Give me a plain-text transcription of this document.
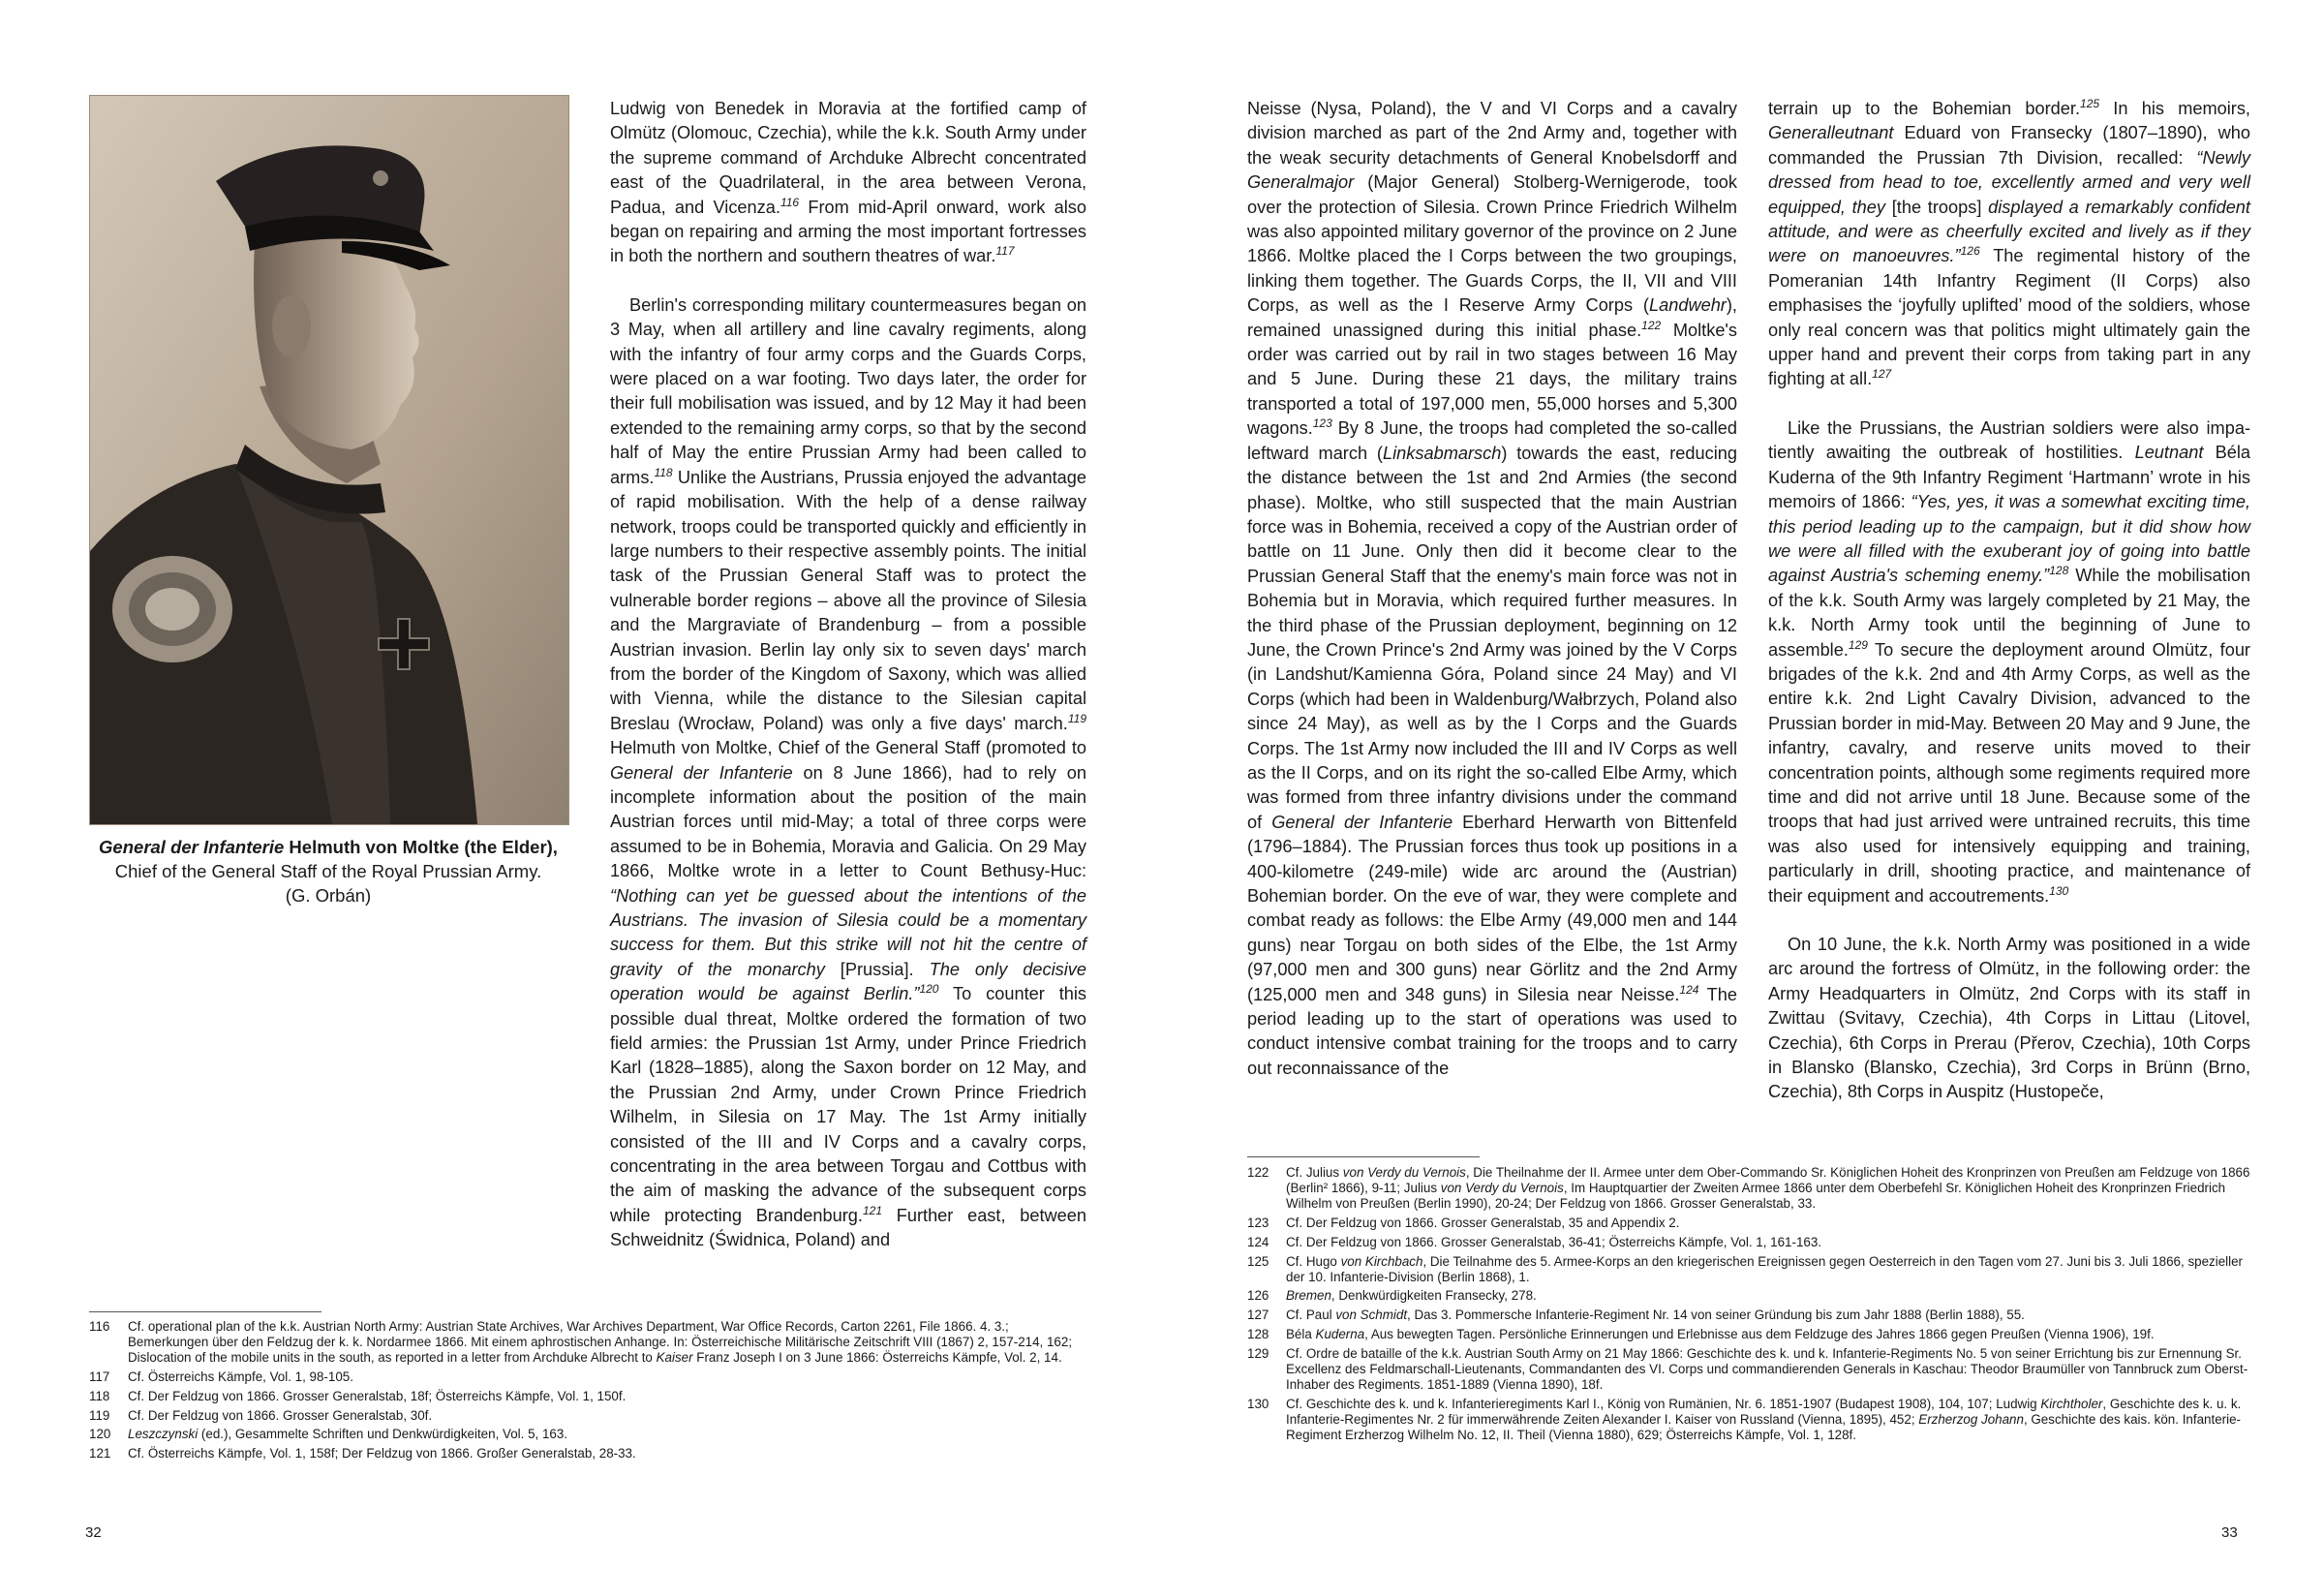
General der Infanterie Helmuth von Moltke (the Elder),
Chief of the General Staff of the Royal Prussian Army.
(G. Orbán)

Ludwig von Benedek in Moravia at the fortified camp of Olmütz (Olomouc, Czechia), while the k.k. South Army under the supreme command of Archduke Albrecht concentrated east of the Quadrilateral, in the area between Verona, Padua, and Vicenza.$^{116}$ From mid-April onward, work also began on repairing and arming the most important fortresses in both the northern and southern theatres of war.$^{117}$

Berlin's corresponding military countermeasures began on 3 May, when all artillery and line cavalry regiments, along with the infantry of four army corps and the Guards Corps, were placed on a war footing. Two days later, the order for their full mobilisation was issued, and by 12 May it had been extended to the remaining army corps, so that by the second half of May the entire Prussian Army had been called to arms.$^{118}$ Unlike the Austrians, Prussia enjoyed the advantage of rapid mobilisation. With the help of a dense railway network, troops could be transported quickly and efficiently in large numbers to their respective assembly points. The initial task of the Prussian General Staff was to protect the vulnerable border regions – above all the province of Silesia and the Margraviate of Brandenburg – from a possible Austrian invasion. Berlin lay only six to seven days' march from the border of the Kingdom of Saxony, which was allied with Vienna, while the distance to the Silesian capital Breslau (Wrocław, Poland) was only a five days' march.$^{119}$ Helmuth von Moltke, Chief of the General Staff (promoted to General der Infanterie on 8 June 1866), had to rely on incomplete information about the position of the main Austrian forces until mid-May; a total of three corps were assumed to be in Bohemia, Moravia and Galicia. On 29 May 1866, Moltke wrote in a letter to Count Bethusy-Huc: “Nothing can yet be guessed about the intentions of the Austrians. The invasion of Silesia could be a momentary success for them. But this strike will not hit the centre of gravity of the monarchy [Prussia]. The only decisive operation would be against Berlin.”$^{120}$ To counter this possible dual threat, Moltke ordered the formation of two field armies: the Prussian 1st Army, under Prince Friedrich Karl (1828–1885), along the Saxon border on 12 May, and the Prussian 2nd Army, under Crown Prince Friedrich Wilhelm, in Silesia on 17 May. The 1st Army initially consisted of the III and IV Corps and a cavalry corps, concentrating in the area between Torgau and Cottbus with the aim of masking the advance of the subsequent corps while protecting Brandenburg.$^{121}$ Further east, between Schweidnitz (Świdnica, Poland) and

116	Cf. operational plan of the k.k. Austrian North Army: Austrian State Archives, War Archives Department, War Office Records, Carton 2261, File 1866. 4. 3.; Bemerkungen über den Feldzug der k. k. Nordarmee 1866. Mit einem aphrostischen Anhange. In: Österreichische Militärische Zeitschrift VIII (1867) 2, 157-214, 162; Dislocation of the mobile units in the south, as reported in a letter from Archduke Albrecht to Kaiser Franz Joseph I on 3 June 1866: Österreichs Kämpfe, Vol. 2, 14.
117	Cf. Österreichs Kämpfe, Vol. 1, 98-105.
118	Cf. Der Feldzug von 1866. Grosser Generalstab, 18f; Österreichs Kämpfe, Vol. 1, 150f.
119	Cf. Der Feldzug von 1866. Grosser Generalstab, 30f.
120	Leszczynski (ed.), Gesammelte Schriften und Denkwürdigkeiten, Vol. 5, 163.
121	Cf. Österreichs Kämpfe, Vol. 1, 158f; Der Feldzug von 1866. Großer Generalstab, 28-33.
32

Neisse (Nysa, Poland), the V and VI Corps and a cavalry division marched as part of the 2nd Army and, together with the weak security detachments of General Knobelsdorff and Generalmajor (Major General) Stolberg-Wernigerode, took over the protection of Silesia. Crown Prince Friedrich Wilhelm was also appointed military governor of the province on 2 June 1866. Moltke placed the I Corps between the two groupings, linking them together. The Guards Corps, the II, VII and VIII Corps, as well as the I Reserve Army Corps (Landwehr), remained unassigned during this initial phase.$^{122}$ Moltke's order was carried out by rail in two stages between 16 May and 5 June. During these 21 days, the military trains transported a total of 197,000 men, 55,000 horses and 5,300 wagons.$^{123}$ By 8 June, the troops had completed the so-called leftward march (Linksabmarsch) towards the east, reducing the distance between the 1st and 2nd Armies (the second phase). Moltke, who still suspected that the main Austrian force was in Bohemia, received a copy of the Austrian order of battle on 11 June. Only then did it become clear to the Prussian General Staff that the enemy's main force was not in Bohemia but in Moravia, which required further measures. In the third phase of the Prussian deployment, beginning on 12 June, the Crown Prince's 2nd Army was joined by the V Corps (in Landshut/Kamienna Góra, Poland since 24 May) and VI Corps (which had been in Waldenburg/Wałbrzych, Poland also since 24 May), as well as by the I Corps and the Guards Corps. The 1st Army now included the III and IV Corps as well as the II Corps, and on its right the so-called Elbe Army, which was formed from three infantry divisions under the command of General der Infanterie Eberhard Herwarth von Bittenfeld (1796–1884). The Prussian forces thus took up positions in a 400-kilometre (249-mile) wide arc around the (Austrian) Bohemian border. On the eve of war, they were complete and combat ready as follows: the Elbe Army (49,000 men and 144 guns) near Torgau on both sides of the Elbe, the 1st Army (97,000 men and 300 guns) near Görlitz and the 2nd Army (125,000 men and 348 guns) in Silesia near Neisse.$^{124}$ The period leading up to the start of operations was used to conduct intensive combat training for the troops and to carry out reconnaissance of the

terrain up to the Bohemian border.$^{125}$ In his memoirs, Generalleutnant Eduard von Fransecky (1807–1890), who commanded the Prussian 7th Division, recalled: “Newly dressed from head to toe, excellently armed and very well equipped, they [the troops] displayed a remarkably confident attitude, and were as cheerfully excited and lively as if they were on manoeuvres.”$^{126}$ The regimental history of the Pomeranian 14th Infantry Regiment (II Corps) also emphasises the ‘joyfully uplifted’ mood of the soldiers, whose only real concern was that politics might ultimately gain the upper hand and prevent their corps from taking part in any fighting at all.$^{127}$

Like the Prussians, the Austrian soldiers were also impatiently awaiting the outbreak of hostilities. Leutnant Béla Kuderna of the 9th Infantry Regiment ‘Hartmann’ wrote in his memoirs of 1866: “Yes, yes, it was a somewhat exciting time, this period leading up to the campaign, but it did show how we were all filled with the exuberant joy of going into battle against Austria's scheming enemy.”$^{128}$ While the mobilisation of the k.k. South Army was largely completed by 21 May, the k.k. North Army took until the beginning of June to assemble.$^{129}$ To secure the deployment around Olmütz, four brigades of the k.k. 2nd and 4th Army Corps, as well as the entire k.k. 2nd Light Cavalry Division, advanced to the Prussian border in mid-May. Between 20 May and 9 June, the infantry, cavalry, and reserve units moved to their concentration points, although some regiments required more time and did not arrive until 18 June. Because some of the troops that had just arrived were untrained recruits, this time was also used for intensively equipping and training, particularly in drill, shooting practice, and maintenance of their equipment and accoutrements.$^{130}$

On 10 June, the k.k. North Army was positioned in a wide arc around the fortress of Olmütz, in the following order: the Army Headquarters in Olmütz, 2nd Corps with its staff in Zwittau (Svitavy, Czechia), 4th Corps in Littau (Litovel, Czechia), 6th Corps in Prerau (Přerov, Czechia), 10th Corps in Blansko (Blansko, Czechia), 3rd Corps in Brünn (Brno, Czechia), 8th Corps in Auspitz (Hustopeče,

122	Cf. Julius von Verdy du Vernois, Die Theilnahme der II. Armee unter dem Ober-Commando Sr. Königlichen Hoheit des Kronprinzen von Preußen am Feldzuge von 1866 (Berlin² 1866), 9-11; Julius von Verdy du Vernois, Im Hauptquartier der Zweiten Armee 1866 unter dem Oberbefehl Sr. Königlichen Hoheit des Kronprinzen Friedrich Wilhelm von Preußen (Berlin 1990), 20-24; Der Feldzug von 1866. Grosser Generalstab, 33.
123	Cf. Der Feldzug von 1866. Grosser Generalstab, 35 and Appendix 2.
124	Cf. Der Feldzug von 1866. Grosser Generalstab, 36-41; Österreichs Kämpfe, Vol. 1, 161-163.
125	Cf. Hugo von Kirchbach, Die Teilnahme des 5. Armee-Korps an den kriegerischen Ereignissen gegen Oesterreich in den Tagen vom 27. Juni bis 3. Juli 1866, spezieller der 10. Infanterie-Division (Berlin 1868), 1.
126	Bremen, Denkwürdigkeiten Fransecky, 278.
127	Cf. Paul von Schmidt, Das 3. Pommersche Infanterie-Regiment Nr. 14 von seiner Gründung bis zum Jahr 1888 (Berlin 1888), 55.
128	Béla Kuderna, Aus bewegten Tagen. Persönliche Erinnerungen und Erlebnisse aus dem Feldzuge des Jahres 1866 gegen Preußen (Vienna 1906), 19f.
129	Cf. Ordre de bataille of the k.k. Austrian South Army on 21 May 1866: Geschichte des k. und k. Infanterie-Regiments No. 5 von seiner Errichtung bis zur Ernennung Sr. Excellenz des Feldmarschall-Lieutenants, Commandanten des VI. Corps und commandierenden Generals in Kaschau: Theodor Braumüller von Tannbruck zum Oberst-Inhaber des Regiments. 1851-1889 (Vienna 1890), 18f.
130	Cf. Geschichte des k. und k. Infanterieregiments Karl I., König von Rumänien, Nr. 6. 1851-1907 (Budapest 1908), 104, 107; Ludwig Kirchtholer, Geschichte des k. u. k. Infanterie-Regimentes Nr. 2 für immerwährende Zeiten Alexander I. Kaiser von Russland (Vienna, 1895), 452; Erzherzog Johann, Geschichte des kais. kön. Infanterie-Regiment Erzherzog Wilhelm No. 12, II. Theil (Vienna 1880), 629; Österreichs Kämpfe, Vol. 1, 128f.
33
